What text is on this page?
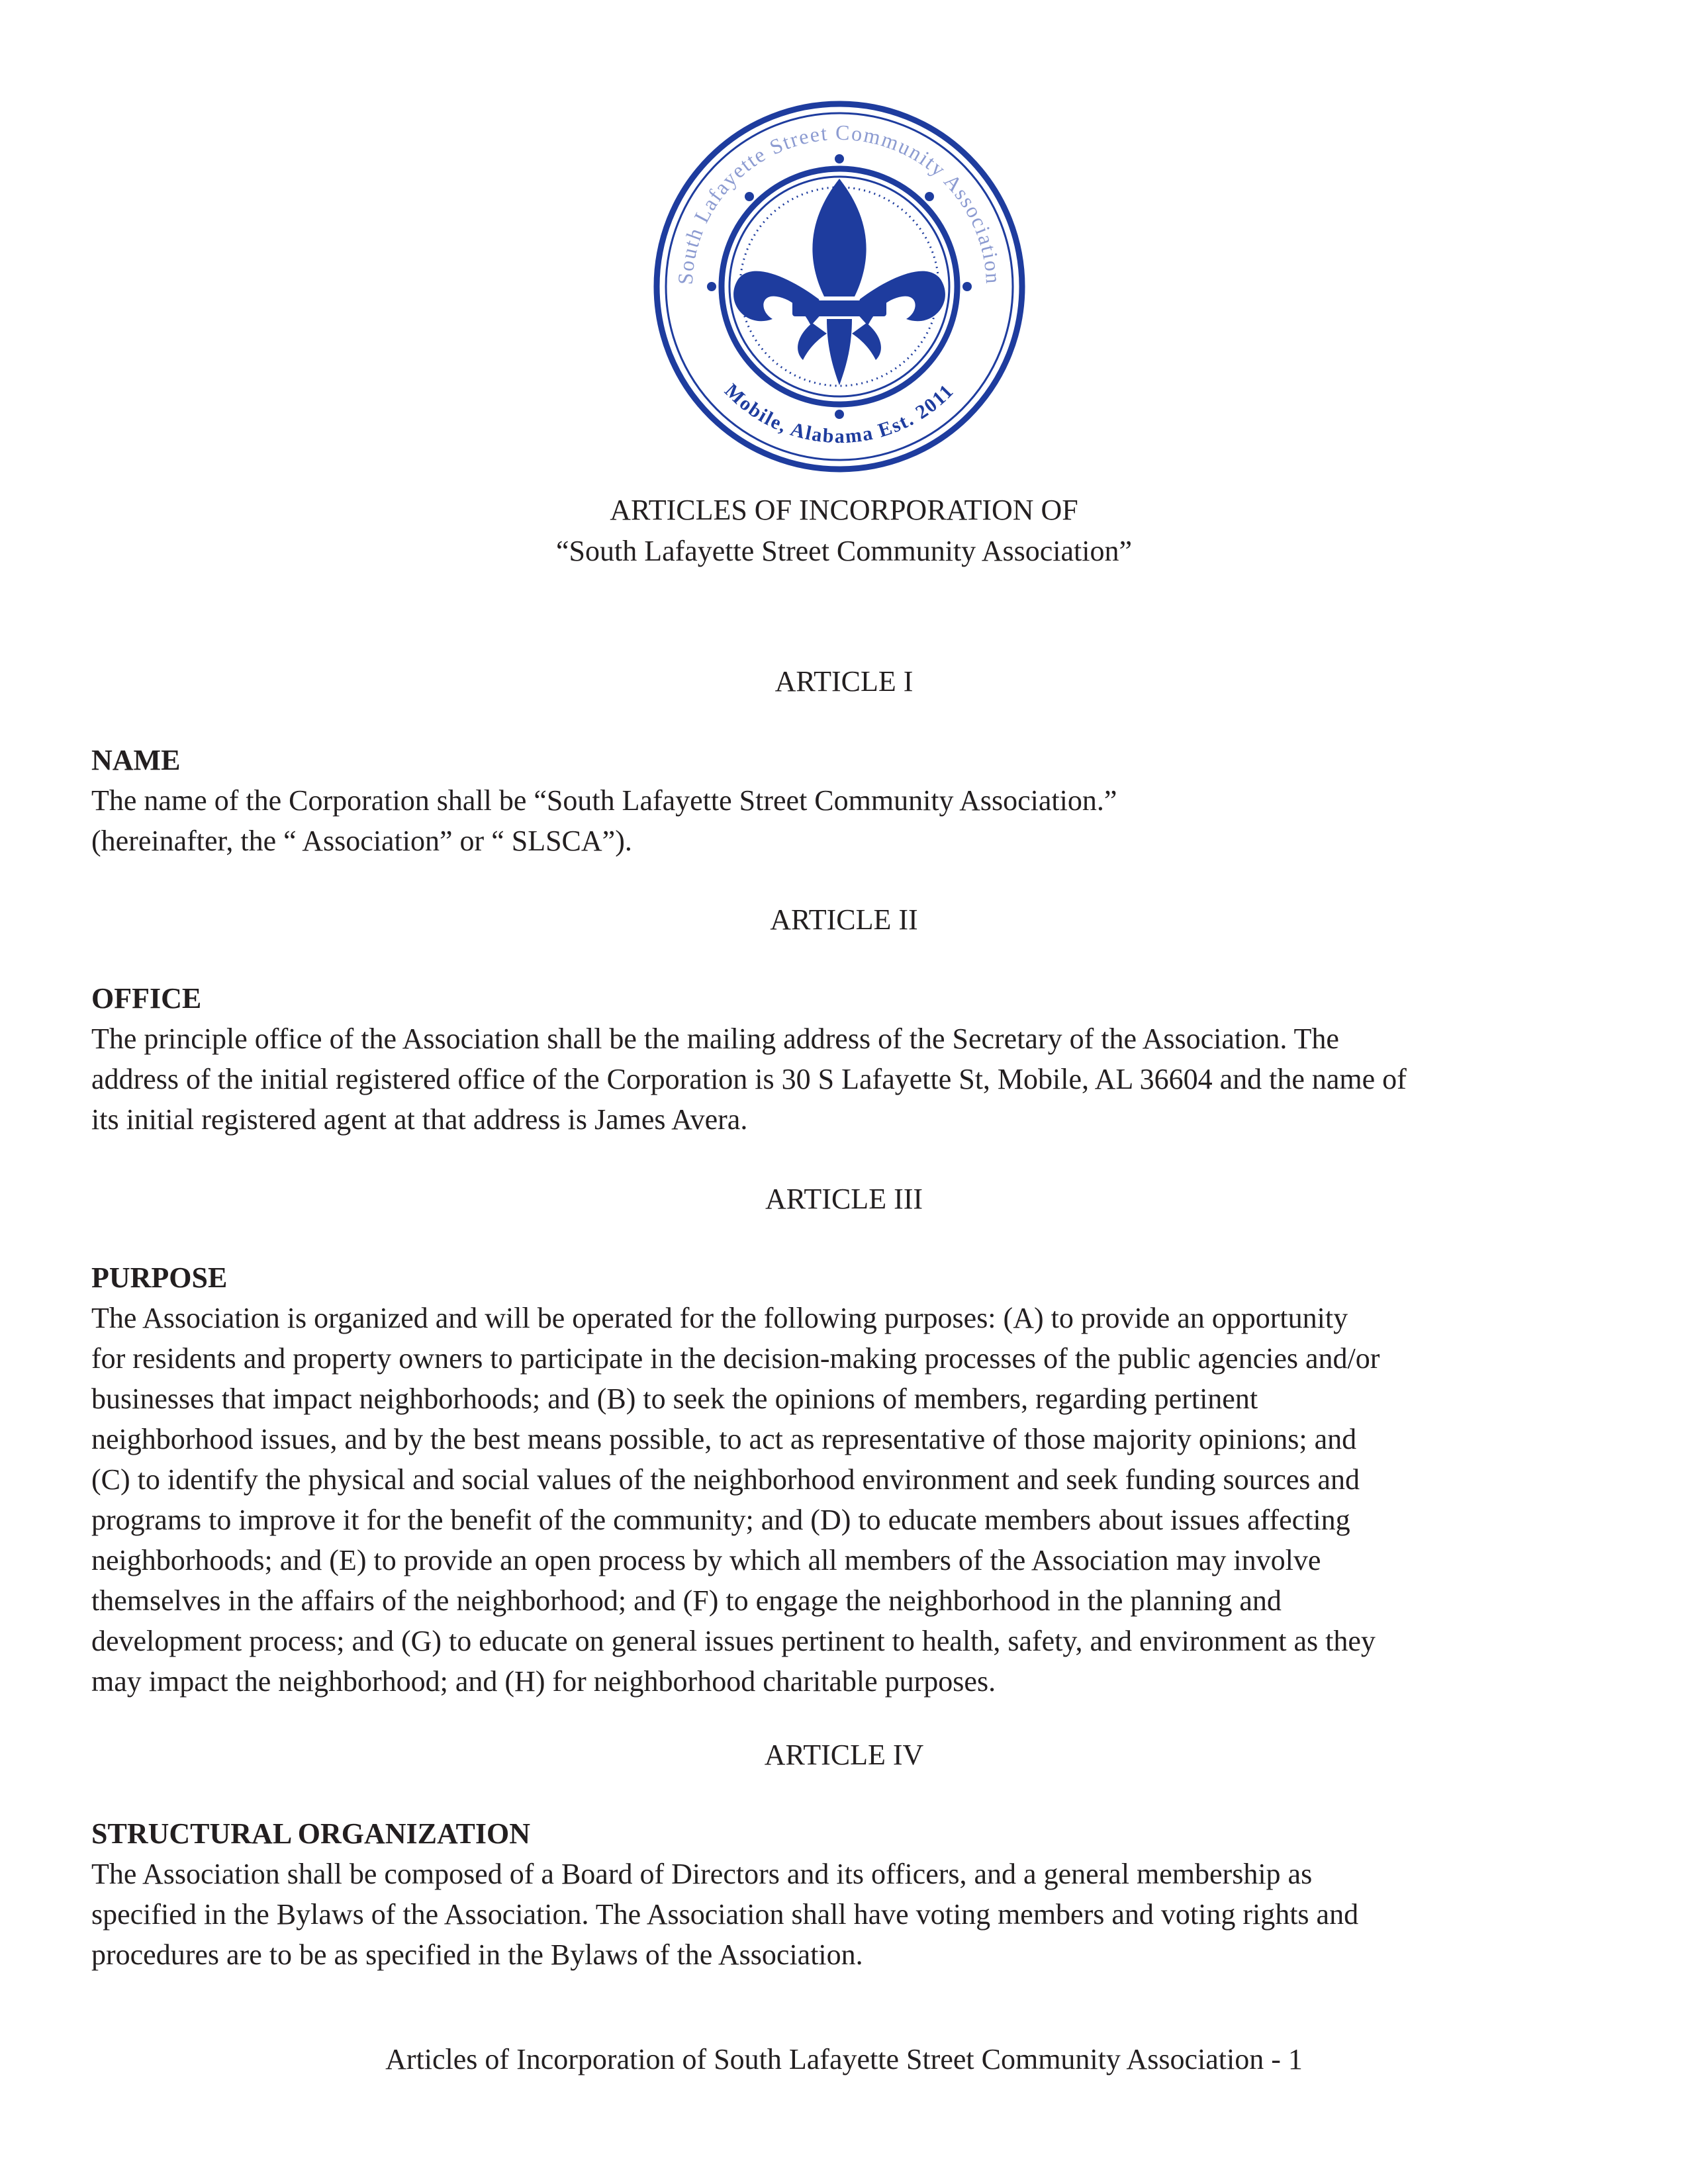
South Lafayette Street Community Association
Mobile, Alabama Est. 2011
ARTICLES OF INCORPORATION OF
“South Lafayette Street Community Association”
ARTICLE I
NAME
The name of the Corporation shall be “South Lafayette Street Community Association.”
(hereinafter, the “ Association” or “ SLSCA”).
ARTICLE II
OFFICE
The principle office of the Association shall be the mailing address of the Secretary of the Association. The
address of the initial registered office of the Corporation is 30 S Lafayette St, Mobile, AL 36604 and the name of
its initial registered agent at that address is James Avera.
ARTICLE III
PURPOSE
The Association is organized and will be operated for the following purposes: (A) to provide an opportunity
for residents and property owners to participate in the decision-making processes of the public agencies and/or
businesses that impact neighborhoods; and (B) to seek the opinions of members, regarding pertinent
neighborhood issues, and by the best means possible, to act as representative of those majority opinions; and
(C) to identify the physical and social values of the neighborhood environment and seek funding sources and
programs to improve it for the benefit of the community; and (D) to educate members about issues affecting
neighborhoods; and (E) to provide an open process by which all members of the Association may involve
themselves in the affairs of the neighborhood; and (F) to engage the neighborhood in the planning and
development process; and (G) to educate on general issues pertinent to health, safety, and environment as they
may impact the neighborhood; and (H) for neighborhood charitable purposes.
ARTICLE IV
STRUCTURAL ORGANIZATION
The Association shall be composed of a Board of Directors and its officers, and a general membership as
specified in the Bylaws of the Association. The Association shall have voting members and voting rights and
procedures are to be as specified in the Bylaws of the Association.
Articles of Incorporation of South Lafayette Street Community Association - 1
